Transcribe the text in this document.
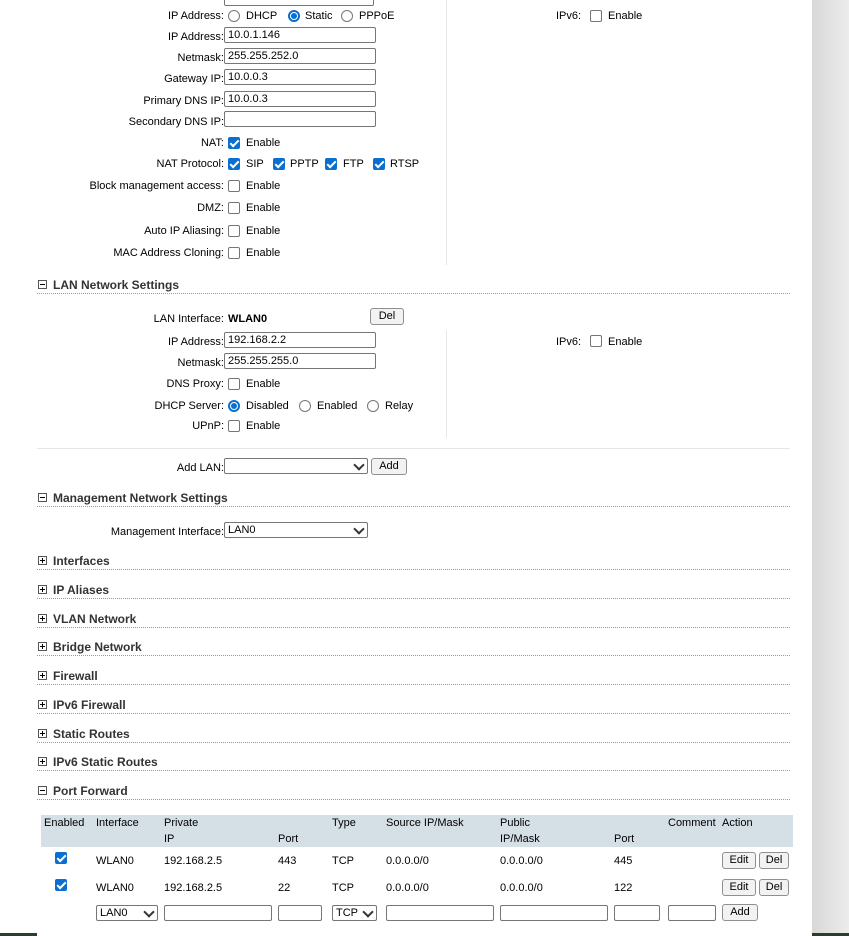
IP Address: DHCP	Static PPPoE	IPv6: Enable
IP Address: 10.0.1.146
Netmask: 255.255.252.0
Gateway IP: 10.0.0.3
Primary DNS IP: 10.0.0.3
Secondary DNS IP:
NAT: Enable
NAT Protocol: SIP PPTP FTP RTSP
Block management access: Enable
DMZ: Enable
Auto IP Aliasing: Enable
MAC Address Cloning: Enable
LAN Network Settings
LAN Interface: WLAN0	Del
IP Address: 192.168.2.2	IPv6: Enable
Netmask: 255.255.255.0
DNS Proxy: Enable
DHCP Server: Disabled	Enabled	Relay
UPnP: Enable
Add LAN:	Add
Management Network Settings
Management Interface: LAN0
Interfaces
IP Aliases
VLAN Network
Bridge Network
Firewall
IPv6 Firewall
Static Routes
IPv6 Static Routes
Port Forward
Enabled	Interface	Private		Type	Source IP/Mask	Public		Comment	Action
		IP	Port			IP/Mask	Port		

	WLAN0	192.168.2.5	443	TCP	0.0.0.0/0	0.0.0.0/0	445		Edit Del

	WLAN0	192.168.2.5	22	TCP	0.0.0.0/0	0.0.0.0/0	122		Edit Del
	LAN0			TCP					Add
